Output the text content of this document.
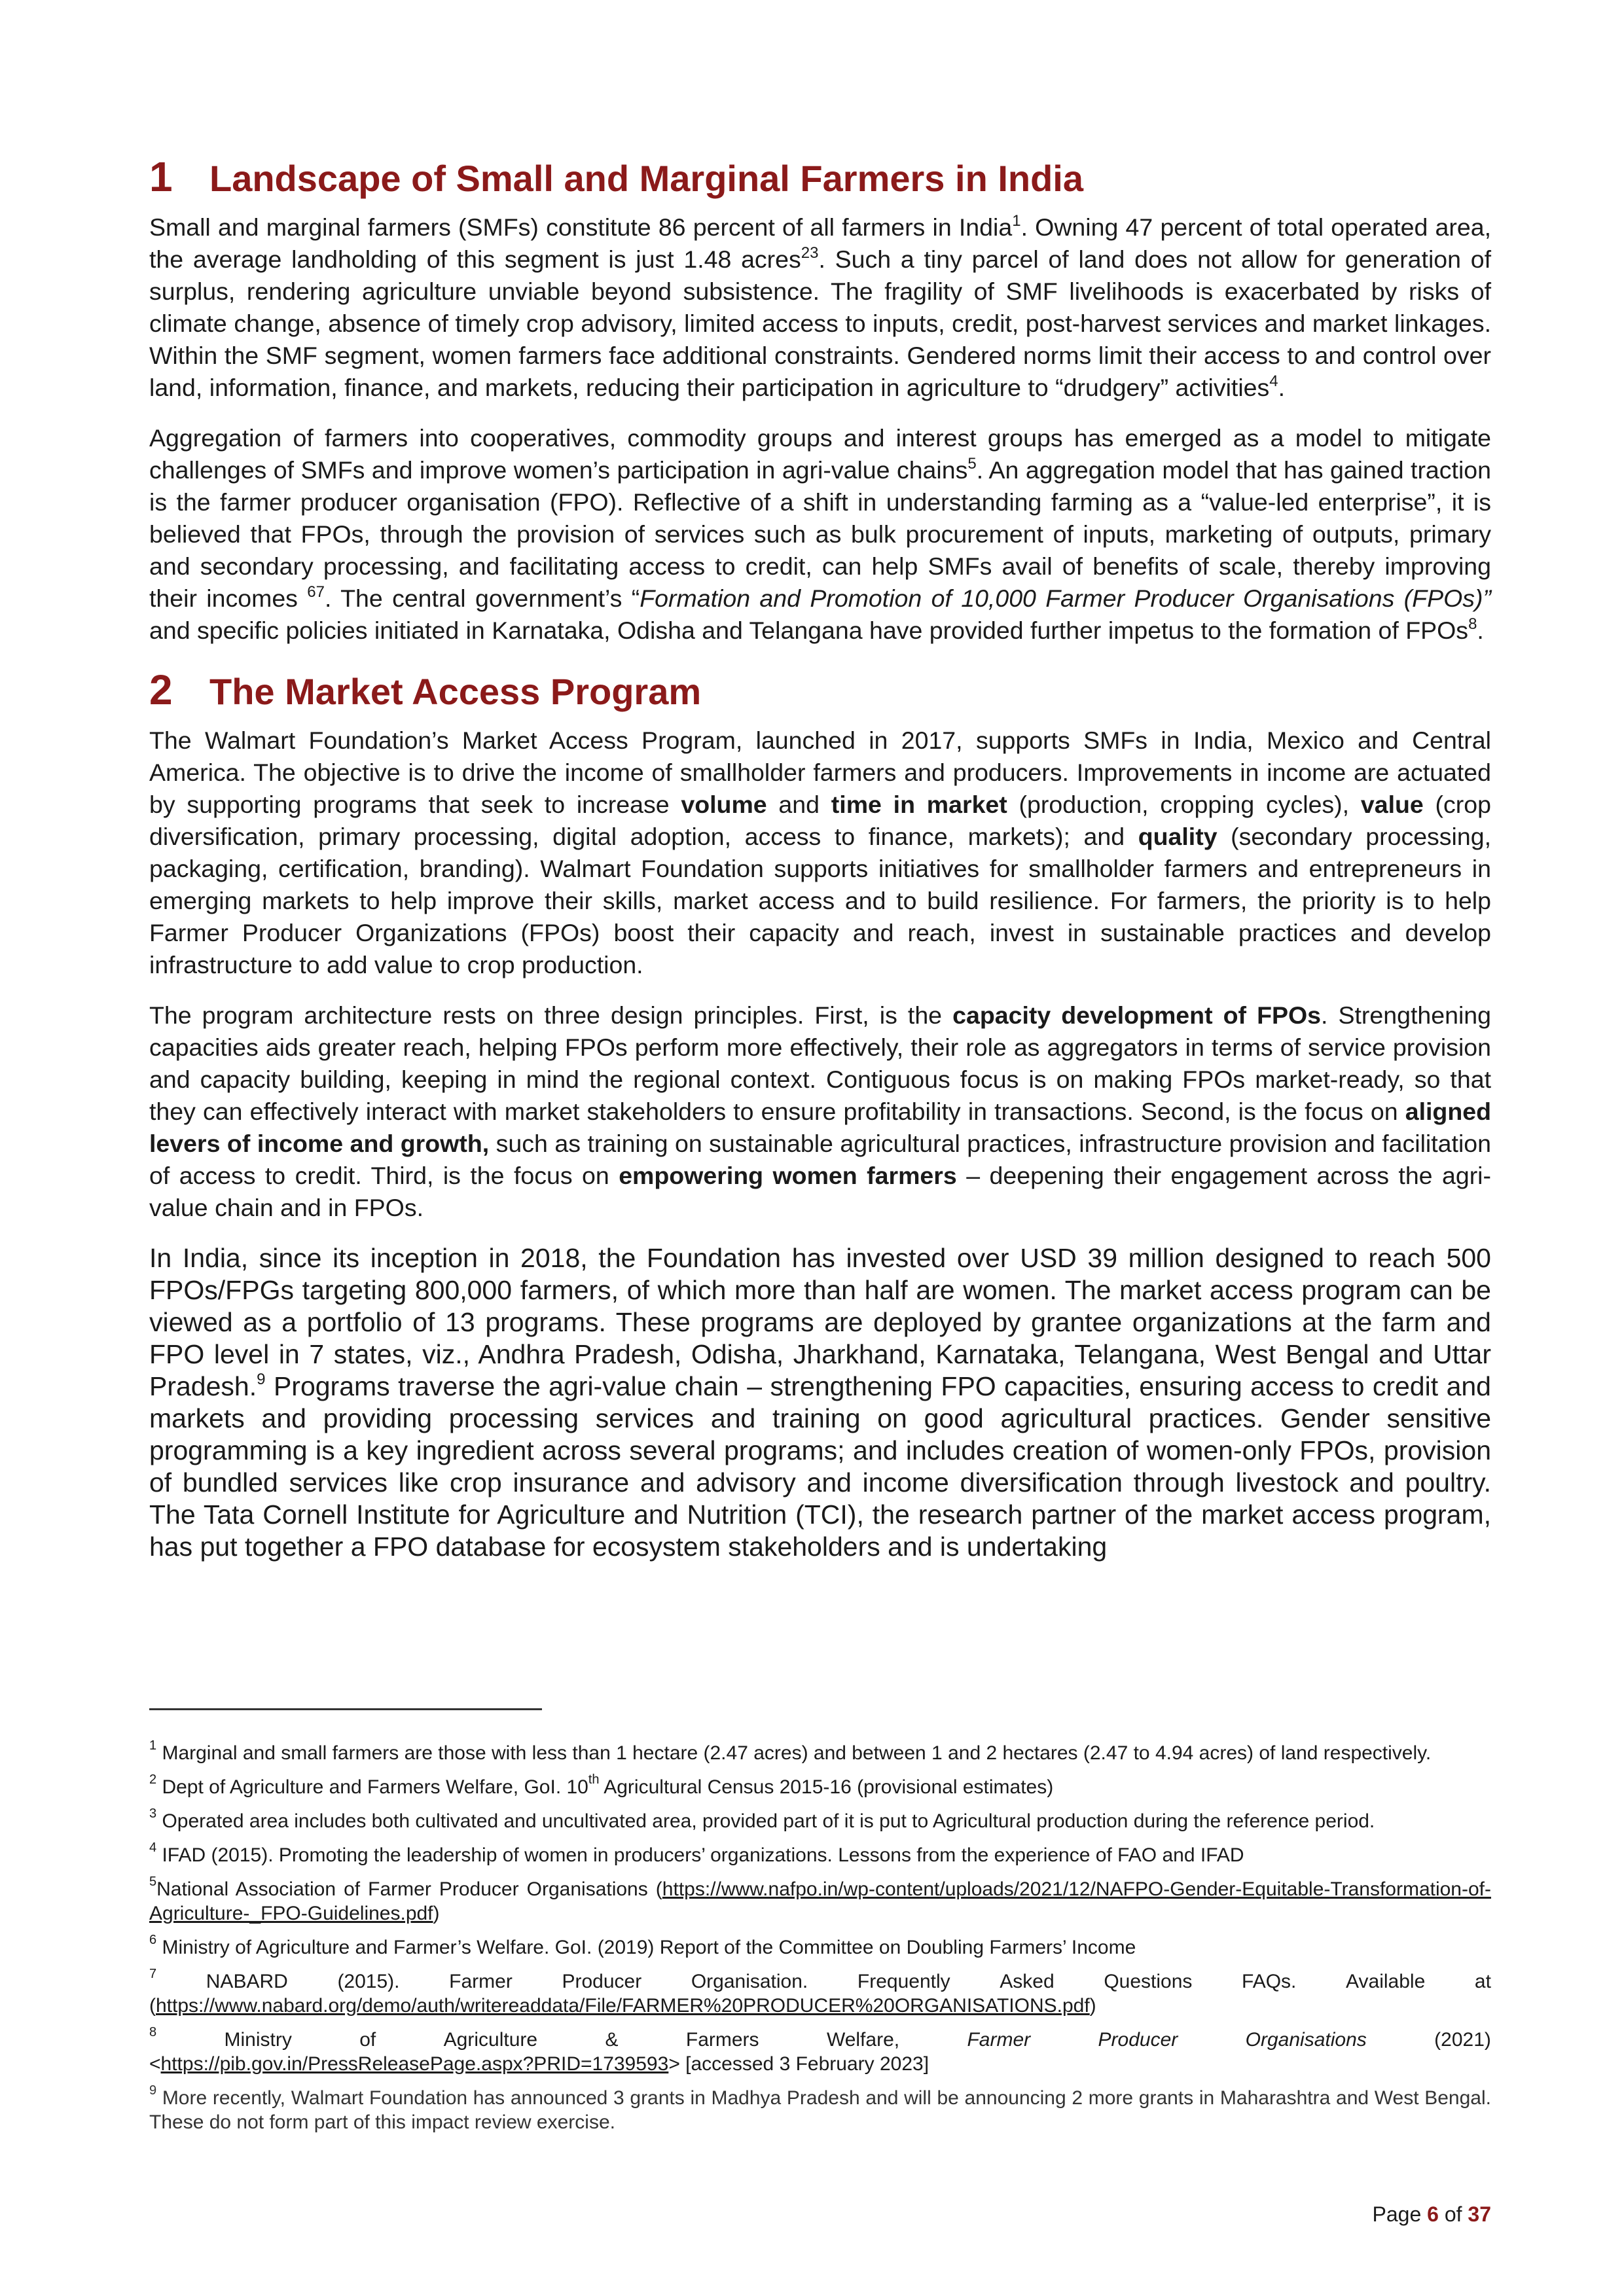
1	Landscape of Small and Marginal Farmers in India

Small and marginal farmers (SMFs) constitute 86 percent of all farmers in India$^1$. Owning 47 percent of total operated area, the average landholding of this segment is just 1.48 acres$^{23}$. Such a tiny parcel of land does not allow for generation of surplus, rendering agriculture unviable beyond subsistence. The fragility of SMF livelihoods is exacerbated by risks of climate change, absence of timely crop advisory, limited access to inputs, credit, post-harvest services and market linkages. Within the SMF segment, women farmers face additional constraints. Gendered norms limit their access to and control over land, information, finance, and markets, reducing their participation in agriculture to “drudgery” activities$^4$.

Aggregation of farmers into cooperatives, commodity groups and interest groups has emerged as a model to mitigate challenges of SMFs and improve women’s participation in agri-value chains$^5$. An aggregation model that has gained traction is the farmer producer organisation (FPO). Reflective of a shift in understanding farming as a “value-led enterprise”, it is believed that FPOs, through the provision of services such as bulk procurement of inputs, marketing of outputs, primary and secondary processing, and facilitating access to credit, can help SMFs avail of benefits of scale, thereby improving their incomes $^{67}$. The central government’s “Formation and Promotion of 10,000 Farmer Producer Organisations (FPOs)” and specific policies initiated in Karnataka, Odisha and Telangana have provided further impetus to the formation of FPOs$^8$.

2	The Market Access Program

The Walmart Foundation’s Market Access Program, launched in 2017, supports SMFs in India, Mexico and Central America. The objective is to drive the income of smallholder farmers and producers. Improvements in income are actuated by supporting programs that seek to increase volume and time in market (production, cropping cycles), value (crop diversification, primary processing, digital adoption, access to finance, markets); and quality (secondary processing, packaging, certification, branding). Walmart Foundation supports initiatives for smallholder farmers and entrepreneurs in emerging markets to help improve their skills, market access and to build resilience. For farmers, the priority is to help Farmer Producer Organizations (FPOs) boost their capacity and reach, invest in sustainable practices and develop infrastructure to add value to crop production.

The program architecture rests on three design principles. First, is the capacity development of FPOs. Strengthening capacities aids greater reach, helping FPOs perform more effectively, their role as aggregators in terms of service provision and capacity building, keeping in mind the regional context. Contiguous focus is on making FPOs market-ready, so that they can effectively interact with market stakeholders to ensure profitability in transactions. Second, is the focus on aligned levers of income and growth, such as training on sustainable agricultural practices, infrastructure provision and facilitation of access to credit. Third, is the focus on empowering women farmers – deepening their engagement across the agri-value chain and in FPOs.

In India, since its inception in 2018, the Foundation has invested over USD 39 million designed to reach 500 FPOs/FPGs targeting 800,000 farmers, of which more than half are women. The market access program can be viewed as a portfolio of 13 programs. These programs are deployed by grantee organizations at the farm and FPO level in 7 states, viz., Andhra Pradesh, Odisha, Jharkhand, Karnataka, Telangana, West Bengal and Uttar Pradesh.$^9$ Programs traverse the agri-value chain – strengthening FPO capacities, ensuring access to credit and markets and providing processing services and training on good agricultural practices. Gender sensitive programming is a key ingredient across several programs; and includes creation of women-only FPOs, provision of bundled services like crop insurance and advisory and income diversification through livestock and poultry. The Tata Cornell Institute for Agriculture and Nutrition (TCI), the research partner of the market access program, has put together a FPO database for ecosystem stakeholders and is undertaking

$^1$ Marginal and small farmers are those with less than 1 hectare (2.47 acres) and between 1 and 2 hectares (2.47 to 4.94 acres) of land respectively.

$^2$ Dept of Agriculture and Farmers Welfare, GoI. 10th Agricultural Census 2015-16 (provisional estimates)

$^3$ Operated area includes both cultivated and uncultivated area, provided part of it is put to Agricultural production during the reference period.

$^4$ IFAD (2015). Promoting the leadership of women in producers’ organizations. Lessons from the experience of FAO and IFAD

$^5$National Association of Farmer Producer Organisations (https://www.nafpo.in/wp-content/uploads/2021/12/NAFPO-Gender-Equitable-Transformation-of-Agriculture-_FPO-Guidelines.pdf)

$^6$ Ministry of Agriculture and Farmer’s Welfare. GoI. (2019) Report of the Committee on Doubling Farmers’ Income

$^7$	NABARD	(2015).	Farmer	Producer	Organisation.	Frequently	Asked	Questions	FAQs.	Available	at
(https://www.nabard.org/demo/auth/writereaddata/File/FARMER%20PRODUCER%20ORGANISATIONS.pdf)

$^8$	Ministry	of	Agriculture	&	Farmers	Welfare,	Farmer	Producer	Organisations	(2021)
<https://pib.gov.in/PressReleasePage.aspx?PRID=1739593> [accessed 3 February 2023]

$^9$ More recently, Walmart Foundation has announced 3 grants in Madhya Pradesh and will be announcing 2 more grants in Maharashtra and West Bengal. These do not form part of this impact review exercise.

Page 6 of 37
